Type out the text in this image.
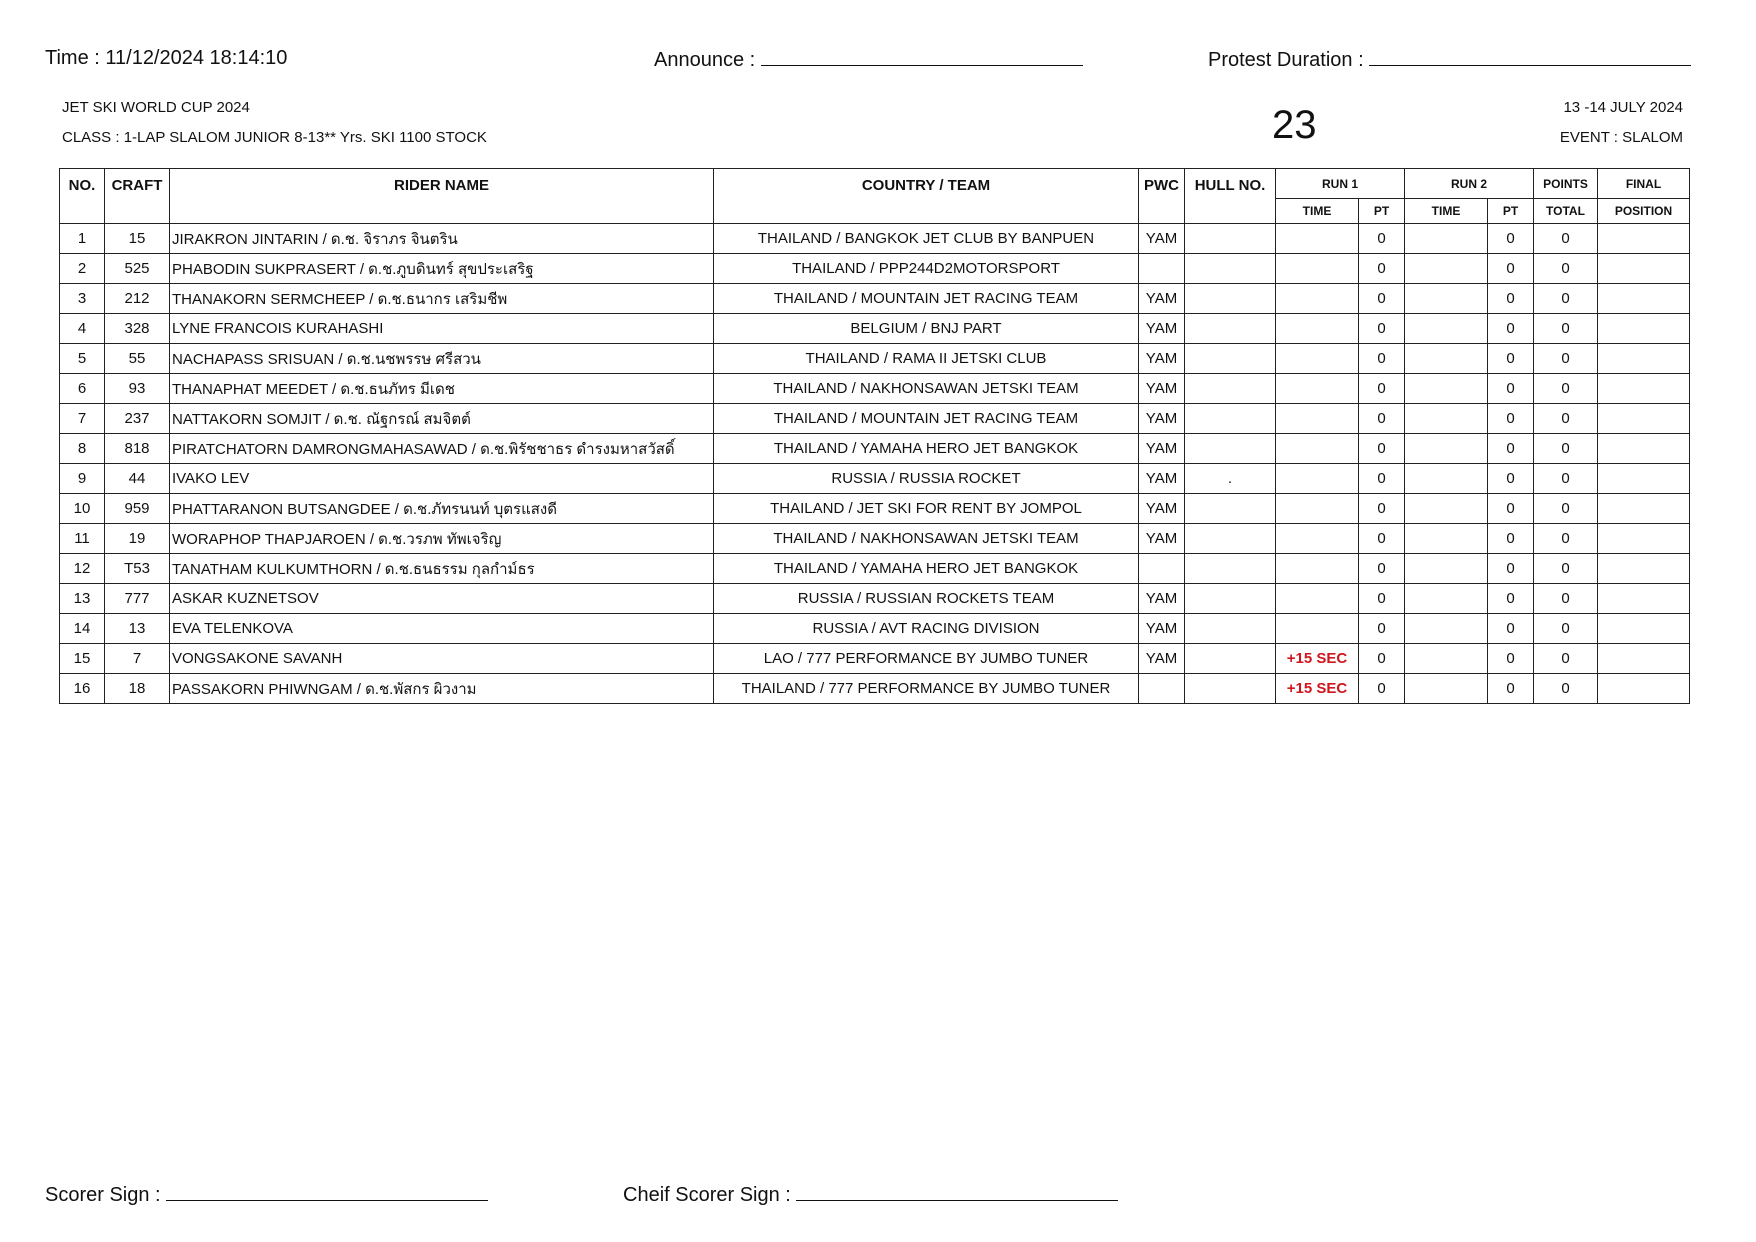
Time : 11/12/2024 18:14:10	Announce :	Protest Duration :
JET SKI WORLD CUP 2024
CLASS : 1-LAP SLALOM JUNIOR 8-13** Yrs. SKI 1100 STOCK	23	13 -14 JULY 2024
EVENT : SLALOM
NO.	CRAFT	RIDER NAME	COUNTRY / TEAM	PWC	HULL NO.	RUN 1		RUN 2		POINTS	FINAL
						TIME	PT	TIME	PT	TOTAL	POSITION
1	15	JIRAKRON JINTARIN / ด.ช. จิราภร จินตริน	THAILAND / BANGKOK JET CLUB BY BANPUEN	YAM			0		0	0	
2	525	PHABODIN SUKPRASERT / ด.ช.ภูบดินทร์ สุขประเสริฐ	THAILAND / PPP244D2MOTORSPORT				0		0	0	
3	212	THANAKORN SERMCHEEP / ด.ช.ธนากร เสริมชีพ	THAILAND / MOUNTAIN JET RACING TEAM	YAM			0		0	0	
4	328	LYNE FRANCOIS KURAHASHI	BELGIUM / BNJ PART	YAM			0		0	0	
5	55	NACHAPASS SRISUAN / ด.ช.นชพรรษ ศรีสวน	THAILAND / RAMA II JETSKI CLUB	YAM			0		0	0	
6	93	THANAPHAT MEEDET / ด.ช.ธนภัทร มีเดช	THAILAND / NAKHONSAWAN JETSKI TEAM	YAM			0		0	0	
7	237	NATTAKORN SOMJIT / ด.ช. ณัฐกรณ์ สมจิตต์	THAILAND / MOUNTAIN JET RACING TEAM	YAM			0		0	0	
8	818	PIRATCHATORN DAMRONGMAHASAWAD / ด.ช.พิรัชชาธร ดำรงมหาสวัสดิ์	THAILAND / YAMAHA HERO JET BANGKOK	YAM			0		0	0	
9	44	IVAKO LEV	RUSSIA / RUSSIA ROCKET	YAM	.		0		0	0	
10	959	PHATTARANON BUTSANGDEE / ด.ช.ภัทรนนท์ บุตรแสงดี	THAILAND / JET SKI FOR RENT BY JOMPOL	YAM			0		0	0	
11	19	WORAPHOP THAPJAROEN / ด.ช.วรภพ ทัพเจริญ	THAILAND / NAKHONSAWAN JETSKI TEAM	YAM			0		0	0	
12	T53	TANATHAM KULKUMTHORN / ด.ช.ธนธรรม กุลกำม์ธร	THAILAND / YAMAHA HERO JET BANGKOK				0		0	0	
13	777	ASKAR KUZNETSOV	RUSSIA / RUSSIAN ROCKETS TEAM	YAM			0		0	0	
14	13	EVA TELENKOVA	RUSSIA / AVT RACING DIVISION	YAM			0		0	0	
15	7	VONGSAKONE SAVANH	LAO / 777 PERFORMANCE BY JUMBO TUNER	YAM		+15 SEC	0		0	0	
16	18	PASSAKORN PHIWNGAM / ด.ช.พัสกร ผิวงาม	THAILAND / 777 PERFORMANCE BY JUMBO TUNER			+15 SEC	0		0	0	
Scorer Sign :	Cheif Scorer Sign :
